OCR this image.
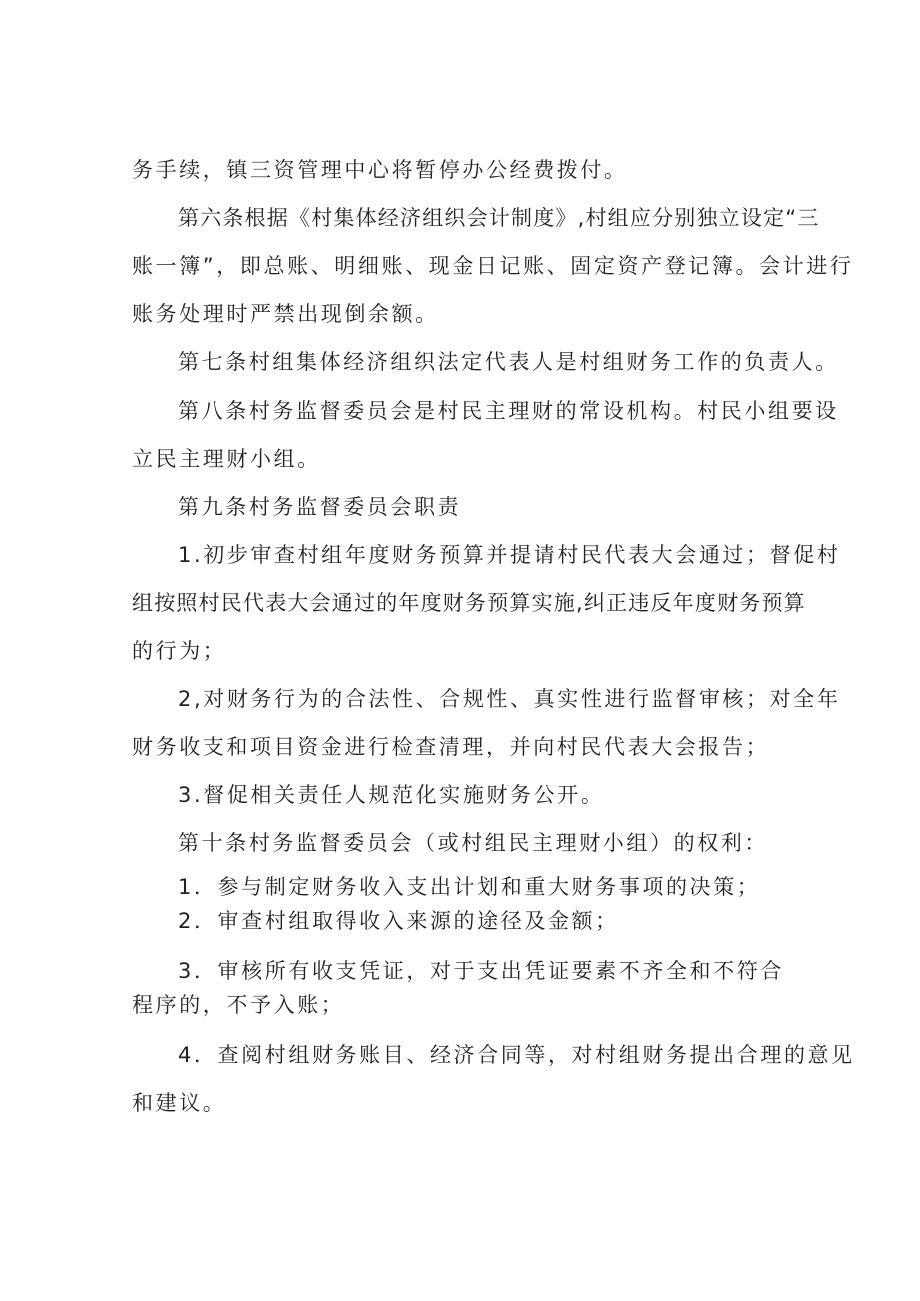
务手续，镇三资管理中心将暂停办公经费拨付。
第六条根据《村集体经济组织会计制度》,村组应分别独立设定“三
账一簿”，即总账、明细账、现金日记账、固定资产登记簿。会计进行
账务处理时严禁出现倒余额。
第七条村组集体经济组织法定代表人是村组财务工作的负责人。
第八条村务监督委员会是村民主理财的常设机构。村民小组要设
立民主理财小组。
第九条村务监督委员会职责
1.初步审查村组年度财务预算并提请村民代表大会通过；督促村
组按照村民代表大会通过的年度财务预算实施,纠正违反年度财务预算
的行为；
2,对财务行为的合法性、合规性、真实性进行监督审核；对全年
财务收支和项目资金进行检查清理，并向村民代表大会报告；
3.督促相关责任人规范化实施财务公开。
第十条村务监督委员会（或村组民主理财小组）的权利：
1．参与制定财务收入支出计划和重大财务事项的决策；
2．审查村组取得收入来源的途径及金额；
3．审核所有收支凭证，对于支出凭证要素不齐全和不符合
程序的，不予入账；
4．查阅村组财务账目、经济合同等，对村组财务提出合理的意见
和建议。
